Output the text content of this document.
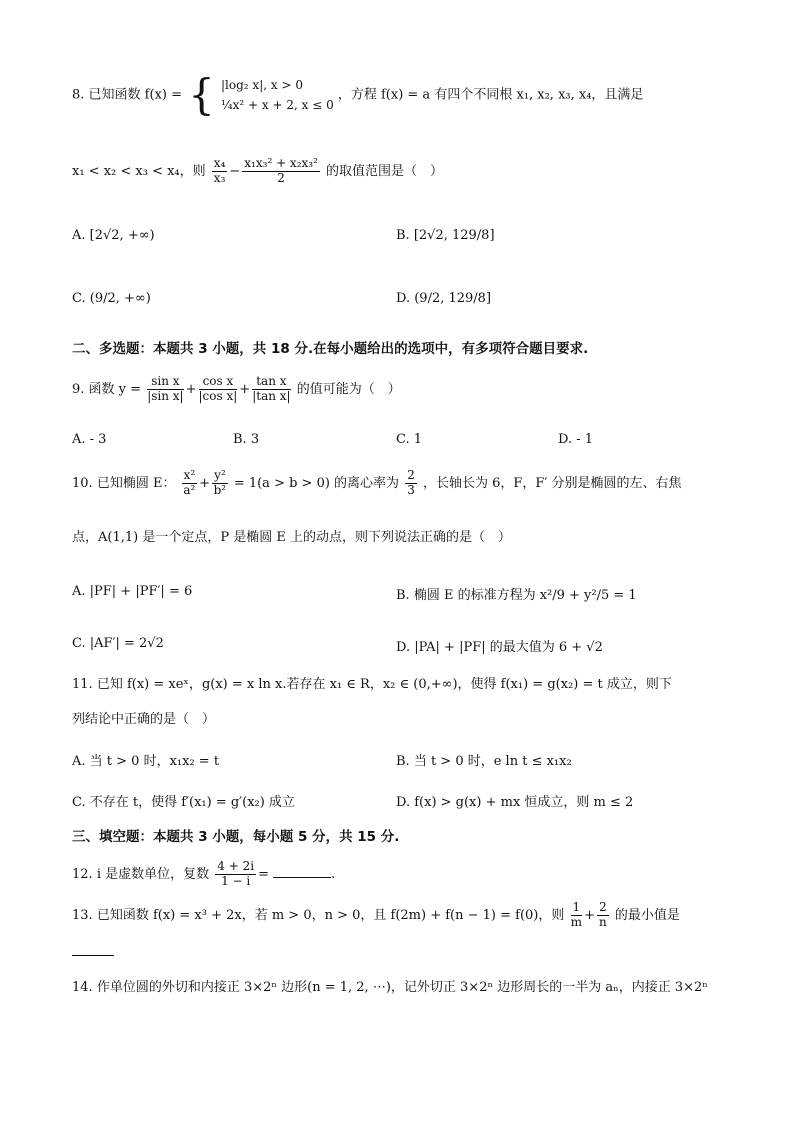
8. 已知函数 f(x) = { |log₂ x|, x > 0
¼x² + x + 2, x ≤ 0
，方程 f(x) = a 有四个不同根 x₁, x₂, x₃, x₄，且满足
x₁ < x₂ < x₃ < x₄，则 $\frac{\text{x₄}}{\text{x₃}} - \frac{\text{x₁x₃² + x₂x₃²}}{2}$ 的取值范围是（　）
A. [2√2, +∞)	B. [2√2, 129/8]
C. (9/2, +∞)	D. (9/2, 129/8]
二、多选题：本题共 3 小题，共 18 分.在每小题给出的选项中，有多项符合题目要求.
9. 函数 $y = \frac{\text{sin x}}{\text{|sin x|}} + \frac{\text{cos x}}{\text{|cos x|}} + \frac{\text{tan x}}{\text{|tan x|}}$ 的值可能为（　）
A. - 3	B. 3	C. 1	D. - 1
10. 已知椭圆 E： $\frac{\text{x²}}{\text{a²}} + \frac{\text{y²}}{\text{b²}} = 1(a > b > 0)$ 的离心率为 $\frac{2}{3}$ ，长轴长为 6，F，F′ 分别是椭圆的左、右焦
点，A(1,1) 是一个定点，P 是椭圆 E 上的动点，则下列说法正确的是（　）
A. |PF| + |PF′| = 6	B. 椭圆 E 的标准方程为 x²/9 + y²/5 = 1
C. |AF′| = 2√2	D. |PA| + |PF| 的最大值为 6 + √2
11. 已知 f(x) = xeˣ，g(x) = x ln x.若存在 x₁ ∈ R，x₂ ∈ (0,+∞)，使得 f(x₁) = g(x₂) = t 成立，则下
列结论中正确的是（　）
A. 当 t > 0 时，x₁x₂ = t	B. 当 t > 0 时，e ln t ≤ x₁x₂
C. 不存在 t，使得 f′(x₁) = g′(x₂) 成立	D. f(x) > g(x) + mx 恒成立，则 m ≤ 2
三、填空题：本题共 3 小题，每小题 5 分，共 15 分.
12. i 是虚数单位，复数 $\frac{4 + 2i}{1 - i}$ =	.
13. 已知函数 f(x) = x³ + 2x，若 m > 0，n > 0，且 f(2m) + f(n − 1) = f(0)，则 $\frac{1}{m} + \frac{2}{n}$ 的最小值是
14. 作单位圆的外切和内接正 3×2ⁿ 边形(n = 1, 2, ⋯)，记外切正 3×2ⁿ 边形周长的一半为 aₙ，内接正 3×2ⁿ
